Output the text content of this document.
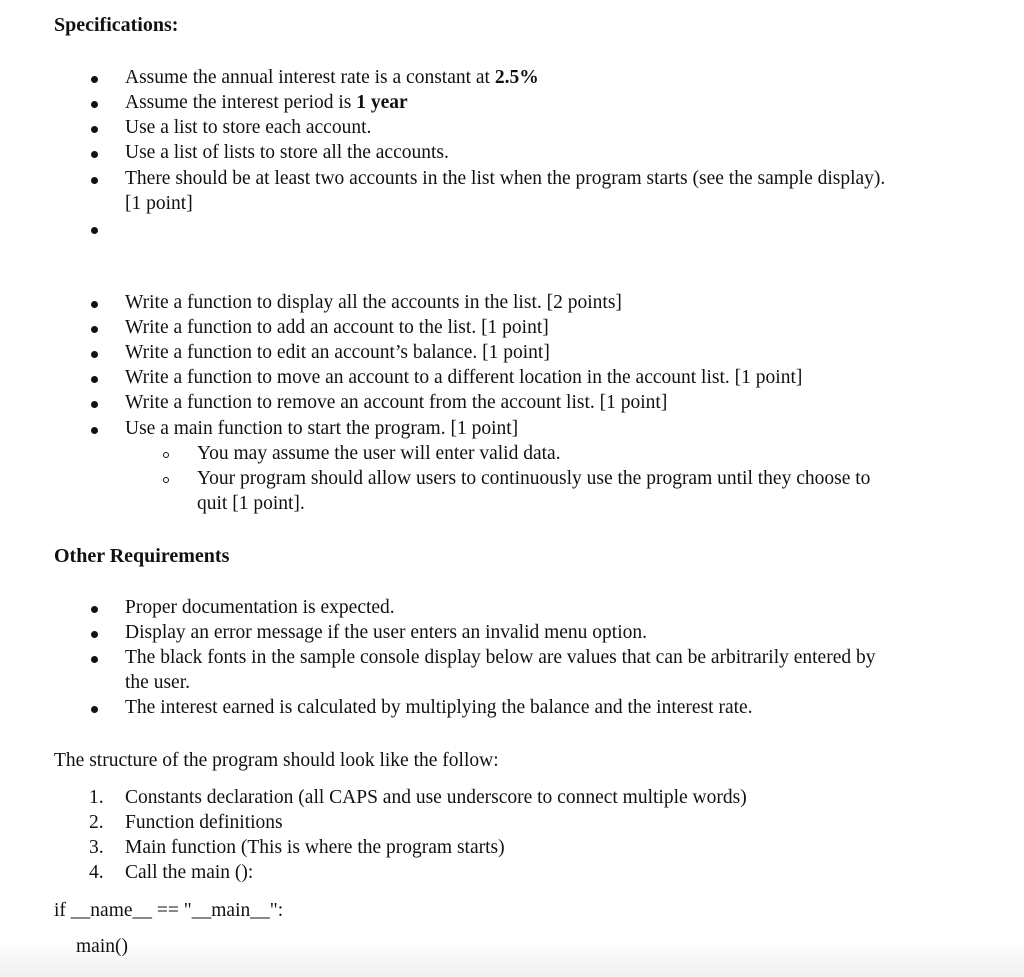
Specifications:
Assume the annual interest rate is a constant at 2.5%
Assume the interest period is 1 year
Use a list to store each account.
Use a list of lists to store all the accounts.
There should be at least two accounts in the list when the program starts (see the sample display).
[1 point]
Write a function to display all the accounts in the list. [2 points]
Write a function to add an account to the list. [1 point]
Write a function to edit an account’s balance. [1 point]
Write a function to move an account to a different location in the account list. [1 point]
Write a function to remove an account from the account list. [1 point]
Use a main function to start the program. [1 point]
You may assume the user will enter valid data.
Your program should allow users to continuously use the program until they choose to
quit [1 point].
Other Requirements
Proper documentation is expected.
Display an error message if the user enters an invalid menu option.
The black fonts in the sample console display below are values that can be arbitrarily entered by
the user.
The interest earned is calculated by multiplying the balance and the interest rate.
The structure of the program should look like the follow:
1. Constants declaration (all CAPS and use underscore to connect multiple words)
2. Function definitions
3. Main function (This is where the program starts)
4. Call the main ():
if __name__ == "__main__":
main()
